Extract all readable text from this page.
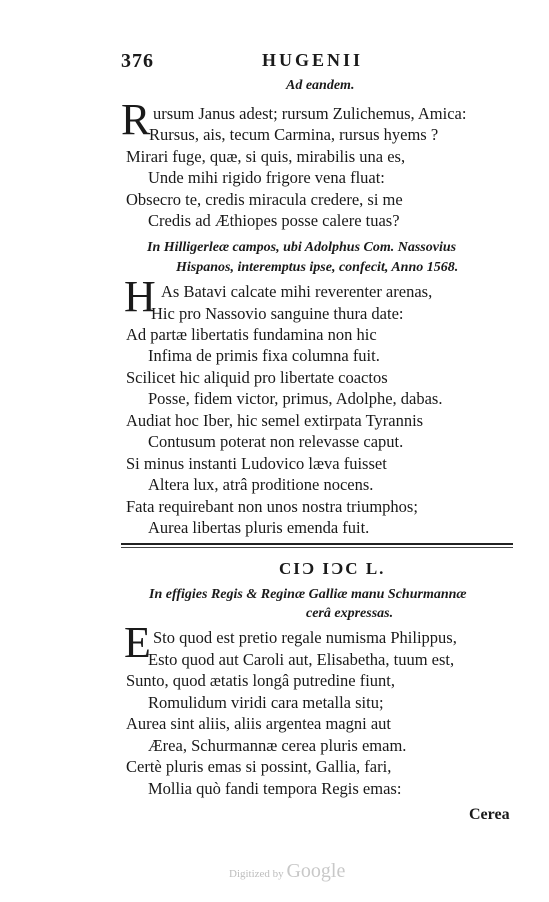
376	HUGENII
Ad eandem.
R ursum Janus adest; rursum Zulichemus, Amica:
Rursus, ais, tecum Carmina, rursus hyems ?
Mirari fuge, quæ, si quis, mirabilis una es,
Unde mihi rigido frigore vena fluat:
Obsecro te, credis miracula credere, si me
Credis ad Æthiopes posse calere tuas?
In Hilligerleæ campos, ubi Adolphus Com. Nassovius
Hispanos, interemptus ipse, confecit, Anno 1568.
H As Batavi calcate mihi reverenter arenas,
Hic pro Nassovio sanguine thura date:
Ad partæ libertatis fundamina non hic
Infima de primis fixa columna fuit.
Scilicet hic aliquid pro libertate coactos
Posse, fidem victor, primus, Adolphe, dabas.
Audiat hoc Iber, hic semel extirpata Tyrannis
Contusum poterat non relevasse caput.
Si minus instanti Ludovico læva fuisset
Altera lux, atrâ proditione nocens.
Fata requirebant non unos nostra triumphos;
Aurea libertas pluris emenda fuit.
CIƆ IƆC L.
In effigies Regis & Reginæ Galliæ manu Schurmannæ
cerâ expressas.
E Sto quod est pretio regale numisma Philippus,
Esto quod aut Caroli aut, Elisabetha, tuum est,
Sunto, quod ætatis longâ putredine fiunt,
Romulidum viridi cara metalla situ;
Aurea sint aliis, aliis argentea magni aut
Ærea, Schurmannæ cerea pluris emam.
Certè pluris emas si possint, Gallia, fari,
Mollia quò fandi tempora Regis emas:
Cerea
Digitized by Google
